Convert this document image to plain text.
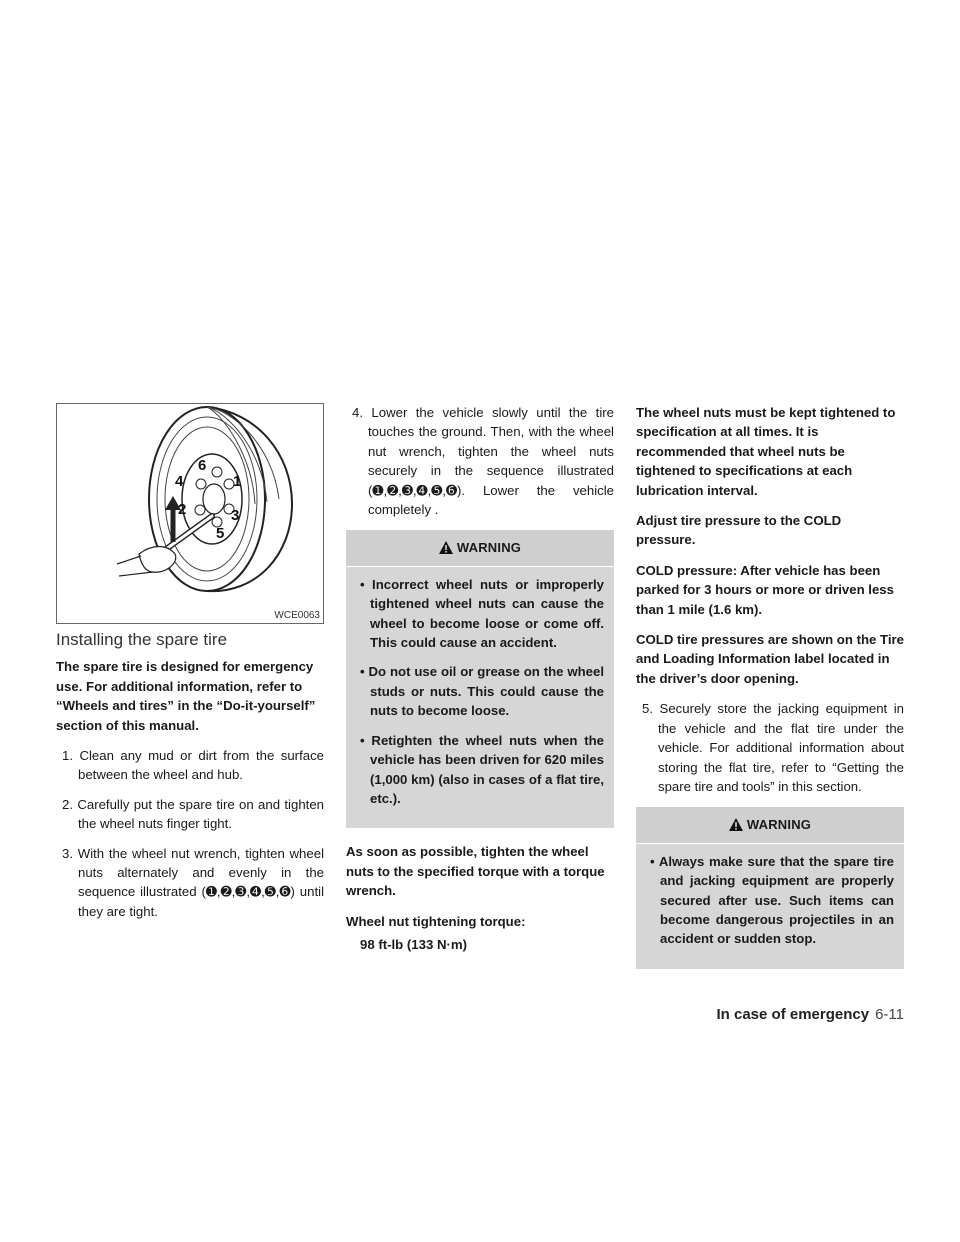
6
4	1
2	3
5
WCE0063
Installing the spare tire

The spare tire is designed for emergency use. For additional information, refer to “Wheels and tires” in the “Do-it-yourself” section of this manual.

1. Clean any mud or dirt from the surface between the wheel and hub.
2. Carefully put the spare tire on and tighten the wheel nuts finger tight.
3. With the wheel nut wrench, tighten wheel nuts alternately and evenly in the sequence illustrated (➊,➋,➌,➍,➎,➏) until they are tight.
4. Lower the vehicle slowly until the tire touches the ground. Then, with the wheel nut wrench, tighten the wheel nuts securely in the sequence illustrated (➊,➋,➌,➍,➎,➏). Lower the vehicle completely .
WARNING
• Incorrect wheel nuts or improperly tightened wheel nuts can cause the wheel to become loose or come off. This could cause an accident.
• Do not use oil or grease on the wheel studs or nuts. This could cause the nuts to become loose.
• Retighten the wheel nuts when the vehicle has been driven for 620 miles (1,000 km) (also in cases of a flat tire, etc.).

As soon as possible, tighten the wheel nuts to the specified torque with a torque wrench.

Wheel nut tightening torque:

98 ft-lb (133 N·m)

The wheel nuts must be kept tightened to specification at all times. It is recommended that wheel nuts be tightened to specifications at each lubrication interval.

Adjust tire pressure to the COLD pressure.

COLD pressure: After vehicle has been parked for 3 hours or more or driven less than 1 mile (1.6 km).

COLD tire pressures are shown on the Tire and Loading Information label located in the driver’s door opening.

5. Securely store the jacking equipment in the vehicle and the flat tire under the vehicle. For additional information about storing the flat tire, refer to “Getting the spare tire and tools” in this section.
WARNING
• Always make sure that the spare tire and jacking equipment are properly secured after use. Such items can become dangerous projectiles in an accident or sudden stop.
In case of emergency 6-11
